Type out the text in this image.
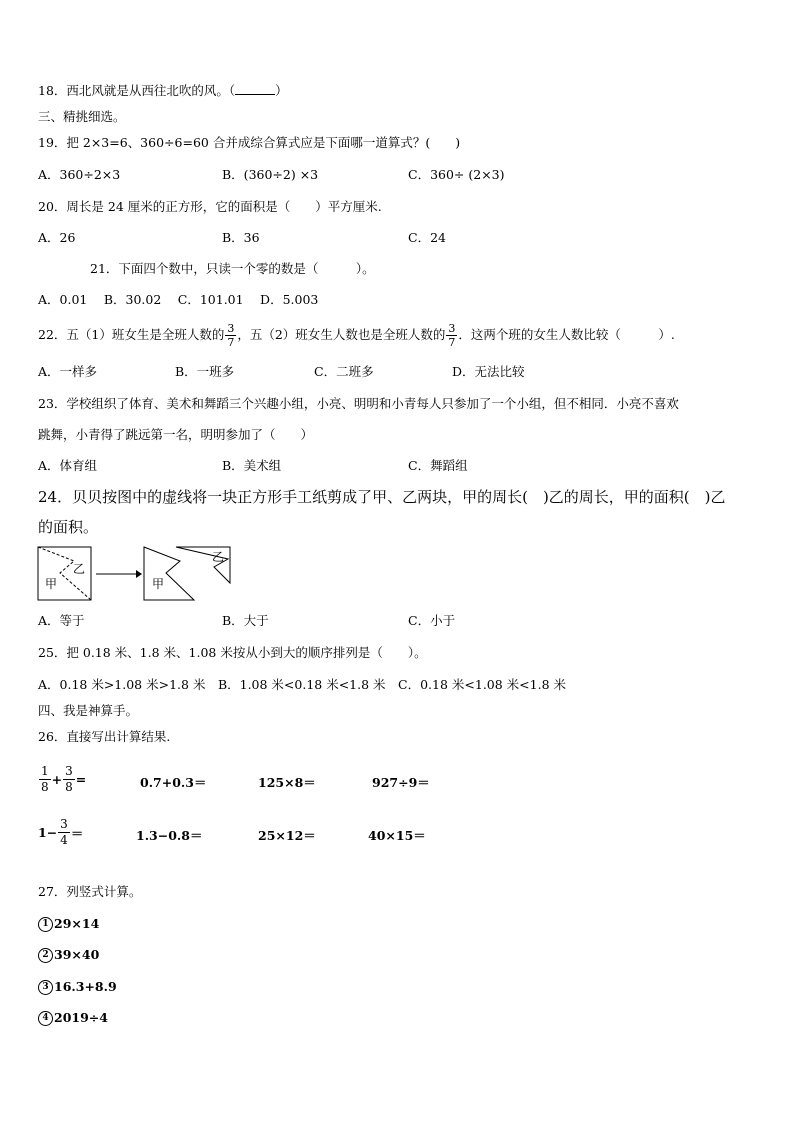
18．西北风就是从西往北吹的风。（	）
三、精挑细选。
19．把 2×3=6、360÷6=60 合并成综合算式应是下面哪一道算式？(　　)
A．360÷2×3	B．(360÷2) ×3	C．360÷ (2×3)
20．周长是 24 厘米的正方形，它的面积是（　　）平方厘米.
A．26	B．36	C．24
21．下面四个数中，只读一个零的数是（　　　）。
A．0.01　 B．30.02　 C．101.01　 D．5.003
22．五（1）班女生是全班人数的 $\frac{3}{7}$ ，五（2）班女生人数也是全班人数的 $\frac{3}{7}$ ．这两个班的女生人数比较（　　　）.
A．一样多	B．一班多	C．二班多	D．无法比较
23．学校组织了体育、美术和舞蹈三个兴趣小组，小亮、明明和小青每人只参加了一个小组，但不相同．小亮不喜欢
跳舞，小青得了跳远第一名，明明参加了（　　）
A．体育组	B．美术组	C．舞蹈组
24．贝贝按图中的虚线将一块正方形手工纸剪成了甲、乙两块，甲的周长(　)乙的周长，甲的面积(　)乙
的面积。
甲
乙
甲
乙
A．等于	B．大于	C．小于
25．把 0.18 米、1.8 米、1.08 米按从小到大的顺序排列是（　　）。
A．0.18 米>1.08 米>1.8 米　B．1.08 米<0.18 米<1.8 米　C．0.18 米<1.08 米<1.8 米
四、我是神算手。
26．直接写出计算结果.
$\frac{1}{8} + \frac{3}{8}$ =	0.7+0.3＝	125×8＝	927÷9＝
$1- \frac{3}{4}$ ＝	1.3−0.8＝	25×12＝	40×15＝
27．列竖式计算。
1 29×14
2 39×40
3 16.3+8.9
4 2019÷4
